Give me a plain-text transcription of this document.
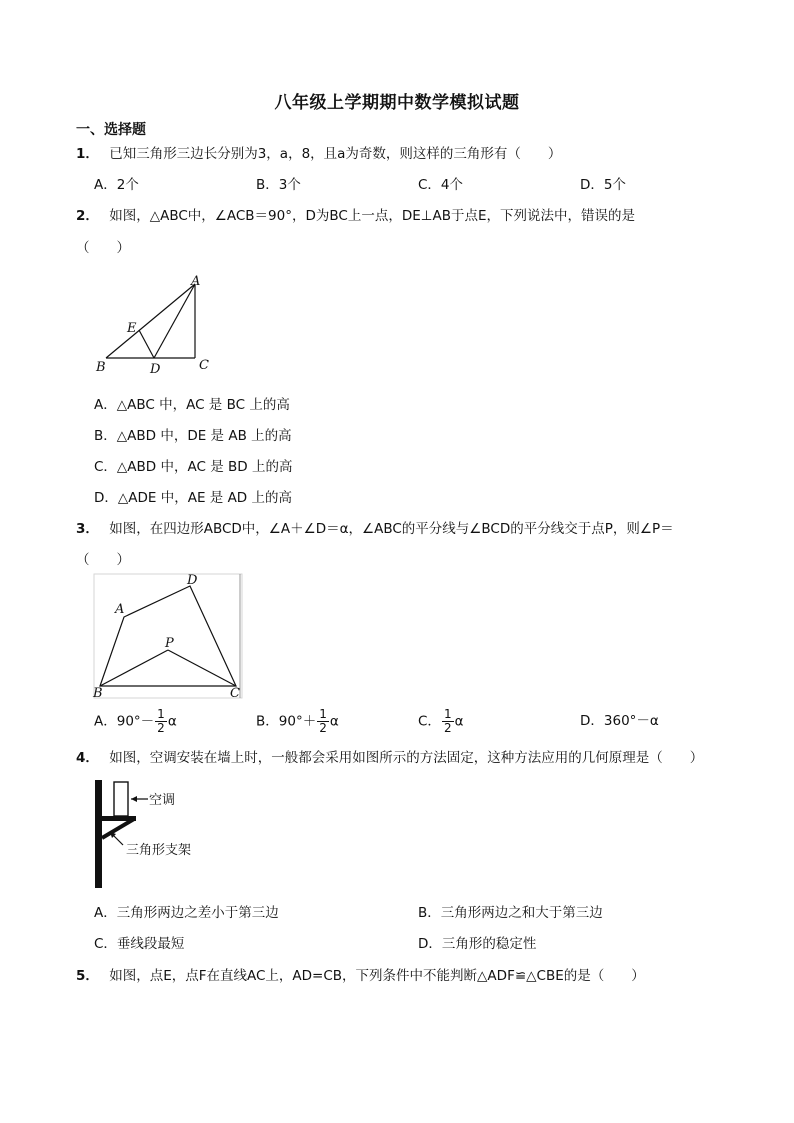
八年级上学期期中数学模拟试题
一、选择题
1． 已知三角形三边长分别为3，a，8，且a为奇数，则这样的三角形有（　　）
A．2个	B．3个	C．4个	D．5个
2． 如图，△ABC中，∠ACB＝90°，D为BC上一点，DE⊥AB于点E，下列说法中，错误的是
（　　）
A
E
B	D	C
A．△ABC 中，AC 是 BC 上的高
B．△ABD 中，DE 是 AB 上的高
C．△ABD 中，AC 是 BD 上的高
D．△ADE 中，AE 是 AD 上的高
3． 如图，在四边形ABCD中，∠A＋∠D＝α，∠ABC的平分线与∠BCD的平分线交于点P，则∠P＝
（　　）
A
D
P
B	C
A．$90^\circ- \frac{1}{2}$ α	B．$90^\circ+ \frac{1}{2}$ α	C． $\frac{1}{2}$ α	D．360°－α
4． 如图，空调安装在墙上时，一般都会采用如图所示的方法固定，这种方法应用的几何原理是（　　）
空调
三角形支架
A．三角形两边之差小于第三边	B．三角形两边之和大于第三边
C．垂线段最短	D．三角形的稳定性
5． 如图，点E，点F在直线AC上，AD=CB，下列条件中不能判断△ADF≌△CBE的是（　　）
